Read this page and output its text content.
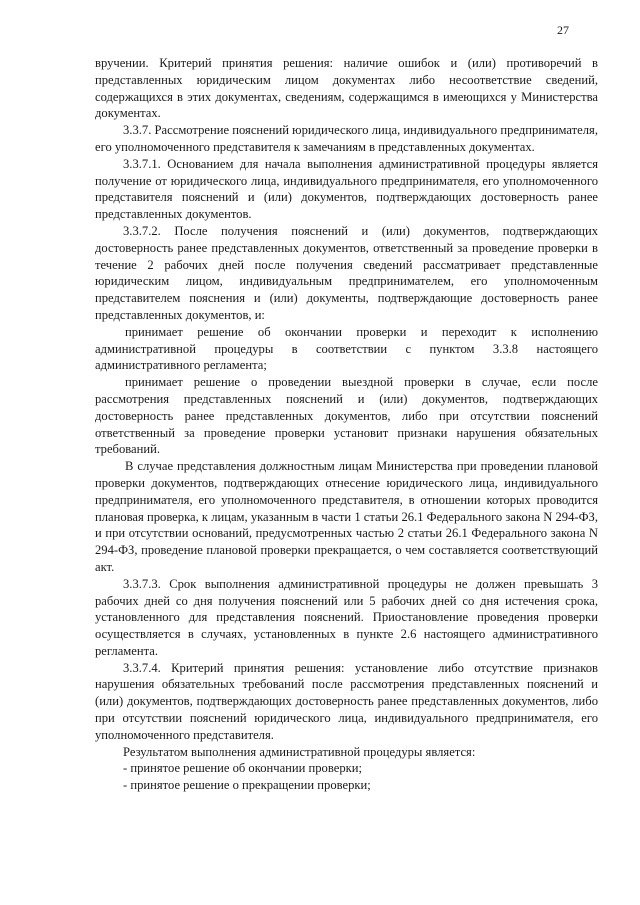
27

вручении. Критерий принятия решения: наличие ошибок и (или) противоречий в представленных юридическим лицом документах либо несоответствие сведений, содержащихся в этих документах, сведениям, содержащимся в имеющихся у Министерства документах.

3.3.7. Рассмотрение пояснений юридического лица, индивидуального предпринимателя, его уполномоченного представителя к замечаниям в представленных документах.

3.3.7.1. Основанием для начала выполнения административной процедуры является получение от юридического лица, индивидуального предпринимателя, его уполномоченного представителя пояснений и (или) документов, подтверждающих достоверность ранее представленных документов.

3.3.7.2. После получения пояснений и (или) документов, подтверждающих достоверность ранее представленных документов, ответственный за проведение проверки в течение 2 рабочих дней после получения сведений рассматривает представленные юридическим лицом, индивидуальным предпринимателем, его уполномоченным представителем пояснения и (или) документы, подтверждающие достоверность ранее представленных документов, и:

принимает решение об окончании проверки и переходит к исполнению административной процедуры в соответствии с пунктом 3.3.8 настоящего административного регламента;

принимает решение о проведении выездной проверки в случае, если после рассмотрения представленных пояснений и (или) документов, подтверждающих достоверность ранее представленных документов, либо при отсутствии пояснений ответственный за проведение проверки установит признаки нарушения обязательных требований.

В случае представления должностным лицам Министерства при проведении плановой проверки документов, подтверждающих отнесение юридического лица, индивидуального предпринимателя, его уполномоченного представителя, в отношении которых проводится плановая проверка, к лицам, указанным в части 1 статьи 26.1 Федерального закона N 294-ФЗ, и при отсутствии оснований, предусмотренных частью 2 статьи 26.1 Федерального закона N 294-ФЗ, проведение плановой проверки прекращается, о чем составляется соответствующий акт.

3.3.7.3. Срок выполнения административной процедуры не должен превышать 3 рабочих дней со дня получения пояснений или 5 рабочих дней со дня истечения срока, установленного для представления пояснений. Приостановление проведения проверки осуществляется в случаях, установленных в пункте 2.6 настоящего административного регламента.

3.3.7.4. Критерий принятия решения: установление либо отсутствие признаков нарушения обязательных требований после рассмотрения представленных пояснений и (или) документов, подтверждающих достоверность ранее представленных документов, либо при отсутствии пояснений юридического лица, индивидуального предпринимателя, его уполномоченного представителя.

Результатом выполнения административной процедуры является:

- принятое решение об окончании проверки;

- принятое решение о прекращении проверки;
